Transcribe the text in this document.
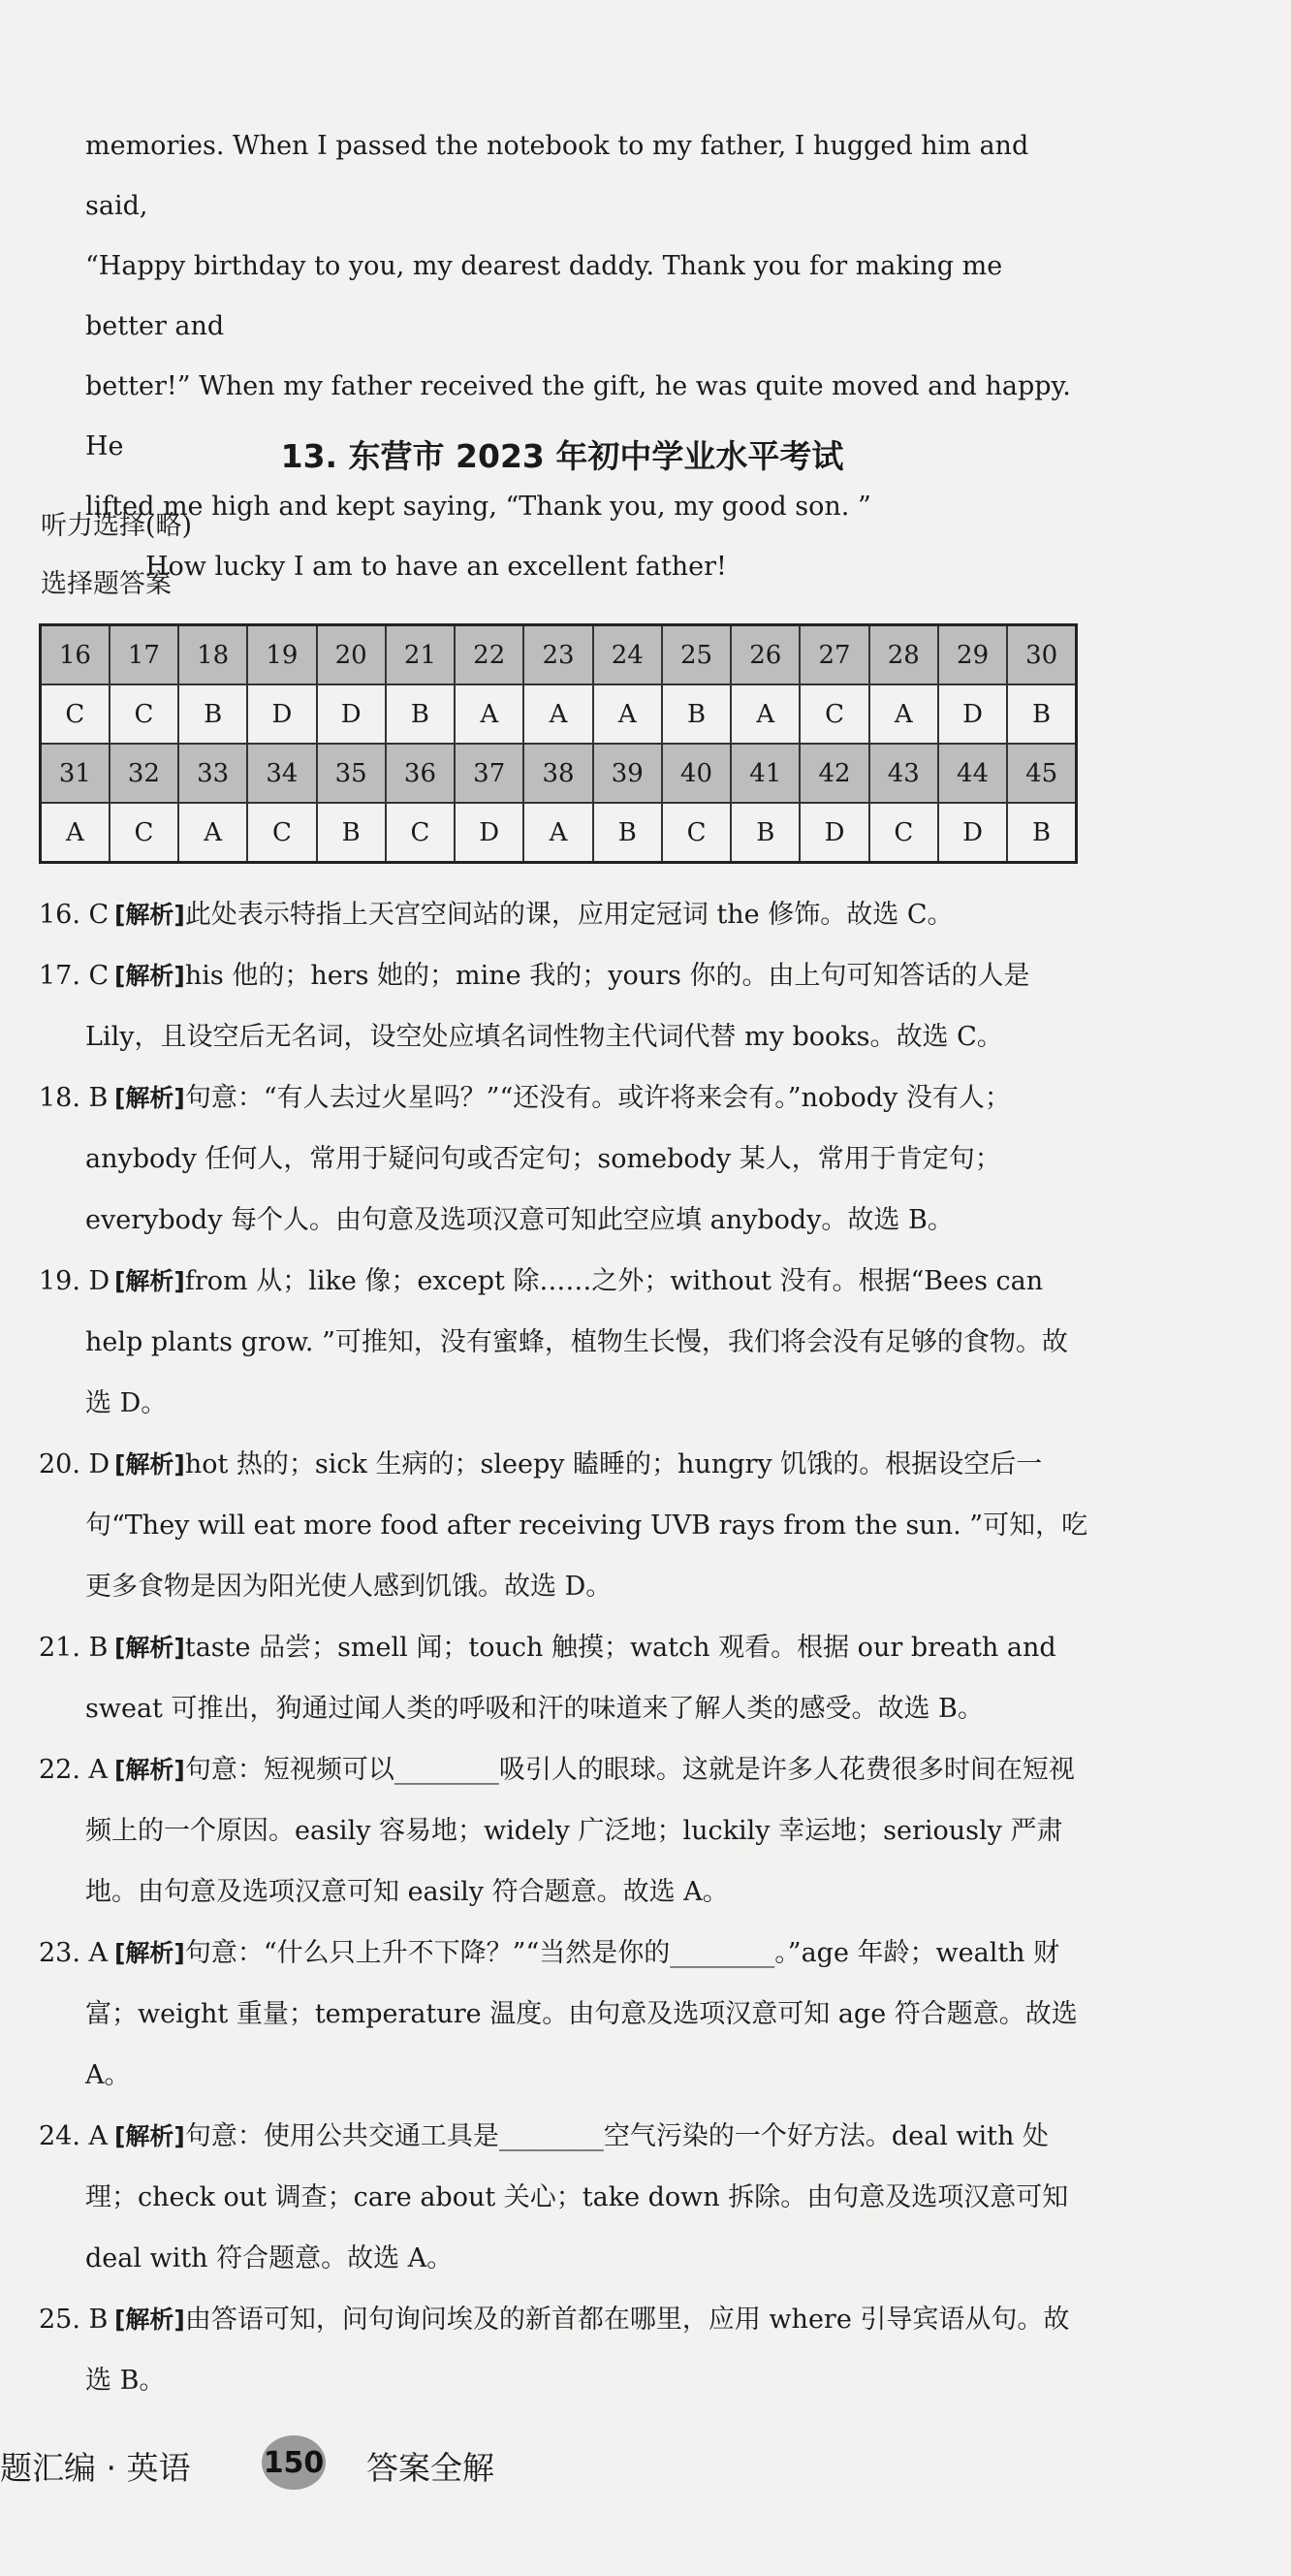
memories. When I passed the notebook to my father, I hugged him and said,

“Happy birthday to you, my dearest daddy. Thank you for making me better and

better!” When my father received the gift, he was quite moved and happy. He

lifted me high and kept saying, “Thank you, my good son. ”

How lucky I am to have an excellent father!

13. 东营市 2023 年初中学业水平考试
听力选择(略)
选择题答案
16	17	18	19	20	21	22	23	24	25	26	27	28	29	30
C	C	B	D	D	B	A	A	A	B	A	C	A	D	B
31	32	33	34	35	36	37	38	39	40	41	42	43	44	45
A	C	A	C	B	C	D	A	B	C	B	D	C	D	B
16. C [解析]此处表示特指上天宫空间站的课，应用定冠词 the 修饰。故选 C。
17. C [解析]his 他的；hers 她的；mine 我的；yours 你的。由上句可知答话的人是 Lily，且设空后无名词，设空处应填名词性物主代词代替 my books。故选 C。
18. B [解析]句意：“有人去过火星吗？”“还没有。或许将来会有。”nobody 没有人；anybody 任何人，常用于疑问句或否定句；somebody 某人，常用于肯定句；everybody 每个人。由句意及选项汉意可知此空应填 anybody。故选 B。
19. D [解析]from 从；like 像；except 除……之外；without 没有。根据“Bees can help plants grow. ”可推知，没有蜜蜂，植物生长慢，我们将会没有足够的食物。故选 D。
20. D [解析]hot 热的；sick 生病的；sleepy 瞌睡的；hungry 饥饿的。根据设空后一句“They will eat more food after receiving UVB rays from the sun. ”可知，吃更多食物是因为阳光使人感到饥饿。故选 D。
21. B [解析]taste 品尝；smell 闻；touch 触摸；watch 观看。根据 our breath and sweat 可推出，狗通过闻人类的呼吸和汗的味道来了解人类的感受。故选 B。
22. A [解析]句意：短视频可以________吸引人的眼球。这就是许多人花费很多时间在短视频上的一个原因。easily 容易地；widely 广泛地；luckily 幸运地；seriously 严肃地。由句意及选项汉意可知 easily 符合题意。故选 A。
23. A [解析]句意：“什么只上升不下降？”“当然是你的________。”age 年龄；wealth 财富；weight 重量；temperature 温度。由句意及选项汉意可知 age 符合题意。故选 A。
24. A [解析]句意：使用公共交通工具是________空气污染的一个好方法。deal with 处理；check out 调查；care about 关心；take down 拆除。由句意及选项汉意可知 deal with 符合题意。故选 A。
25. B [解析]由答语可知，问句询问埃及的新首都在哪里，应用 where 引导宾语从句。故选 B。
题汇编 · 英语	150 答案全解
